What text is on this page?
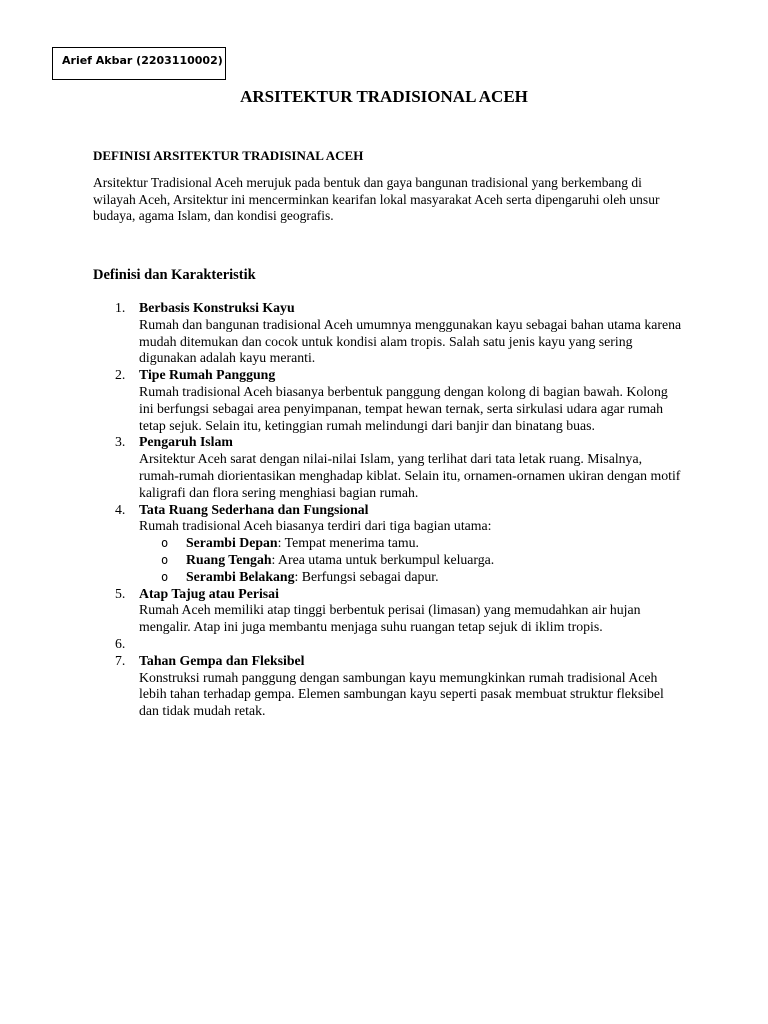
Arief Akbar (2203110002)
ARSITEKTUR TRADISIONAL ACEH
DEFINISI ARSITEKTUR TRADISINAL ACEH

Arsitektur Tradisional Aceh merujuk pada bentuk dan gaya bangunan tradisional yang berkembang di wilayah Aceh, Arsitektur ini mencerminkan kearifan lokal masyarakat Aceh serta dipengaruhi oleh unsur budaya, agama Islam, dan kondisi geografis.

Definisi dan Karakteristik
1. Berbasis Konstruksi Kayu
Rumah dan bangunan tradisional Aceh umumnya menggunakan kayu sebagai bahan utama karena mudah ditemukan dan cocok untuk kondisi alam tropis. Salah satu jenis kayu yang sering digunakan adalah kayu meranti.
2. Tipe Rumah Panggung
Rumah tradisional Aceh biasanya berbentuk panggung dengan kolong di bagian bawah. Kolong ini berfungsi sebagai area penyimpanan, tempat hewan ternak, serta sirkulasi udara agar rumah tetap sejuk. Selain itu, ketinggian rumah melindungi dari banjir dan binatang buas.
3. Pengaruh Islam
Arsitektur Aceh sarat dengan nilai-nilai Islam, yang terlihat dari tata letak ruang. Misalnya, rumah-rumah diorientasikan menghadap kiblat. Selain itu, ornamen-ornamen ukiran dengan motif kaligrafi dan flora sering menghiasi bagian rumah.
4. Tata Ruang Sederhana dan Fungsional
Rumah tradisional Aceh biasanya terdiri dari tiga bagian utama:
o Serambi Depan: Tempat menerima tamu.
o Ruang Tengah: Area utama untuk berkumpul keluarga.
o Serambi Belakang: Berfungsi sebagai dapur.
5. Atap Tajug atau Perisai
Rumah Aceh memiliki atap tinggi berbentuk perisai (limasan) yang memudahkan air hujan mengalir. Atap ini juga membantu menjaga suhu ruangan tetap sejuk di iklim tropis.
6.
7. Tahan Gempa dan Fleksibel
Konstruksi rumah panggung dengan sambungan kayu memungkinkan rumah tradisional Aceh lebih tahan terhadap gempa. Elemen sambungan kayu seperti pasak membuat struktur fleksibel dan tidak mudah retak.
